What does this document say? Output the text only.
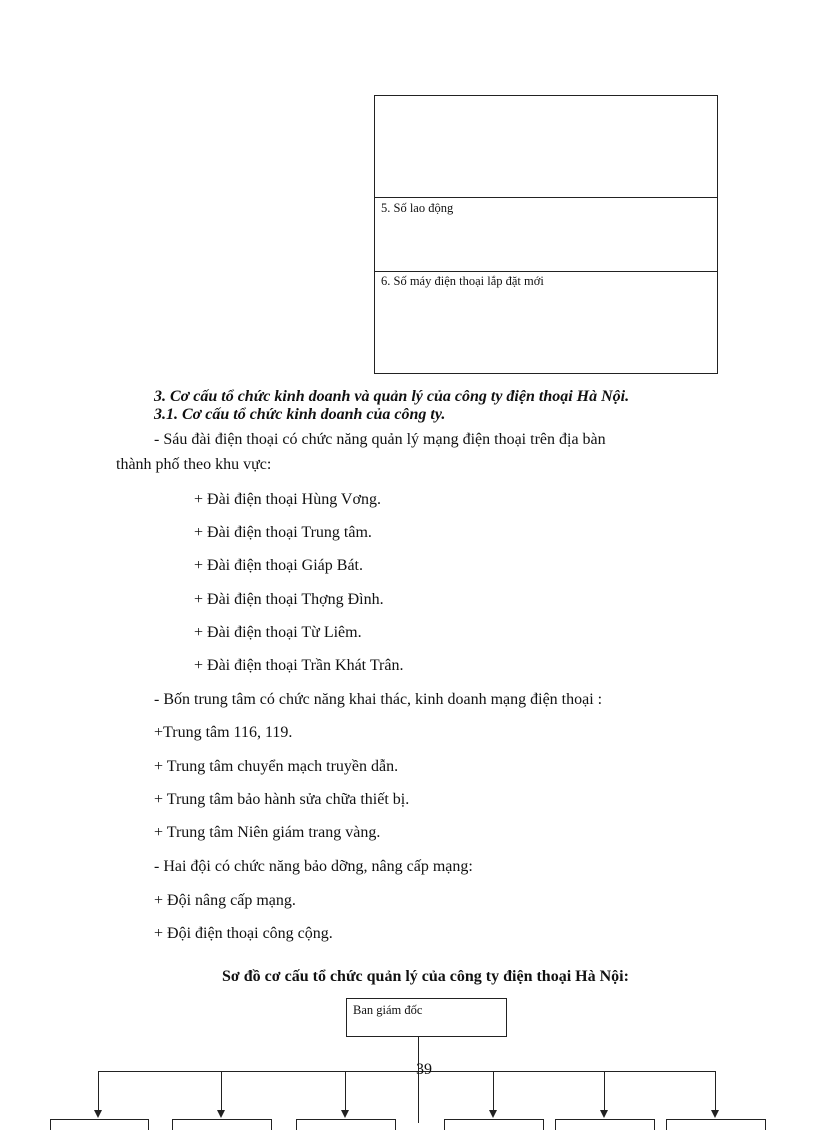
5. Số lao động
6. Số máy điện thoại lắp đặt mới
3. Cơ cấu tổ chức kinh doanh và quản lý của công ty điện thoại Hà Nội.
3.1. Cơ cấu tổ chức kinh doanh của công ty.
- Sáu đài điện thoại có chức năng quản lý mạng điện thoại trên địa bàn
thành phố theo khu vực:
+ Đài điện thoại Hùng Vơng.
+ Đài điện thoại Trung tâm.
+ Đài điện thoại Giáp Bát.
+ Đài điện thoại Thợng Đình.
+ Đài điện thoại Từ Liêm.
+ Đài điện thoại Trần Khát Trân.
- Bốn trung tâm có chức năng khai thác, kinh doanh mạng điện thoại :
+Trung tâm 116, 119.
+ Trung tâm chuyển mạch truyền dẫn.
+ Trung tâm bảo hành sửa chữa thiết bị.
+ Trung tâm Niên giám trang vàng.
- Hai đội có chức năng bảo dỡng, nâng cấp mạng:
+ Đội nâng cấp mạng.
+ Đội điện thoại công cộng.
Sơ đồ cơ cấu tổ chức quản lý của công ty điện thoại Hà Nội:
Ban giám đốc
39
